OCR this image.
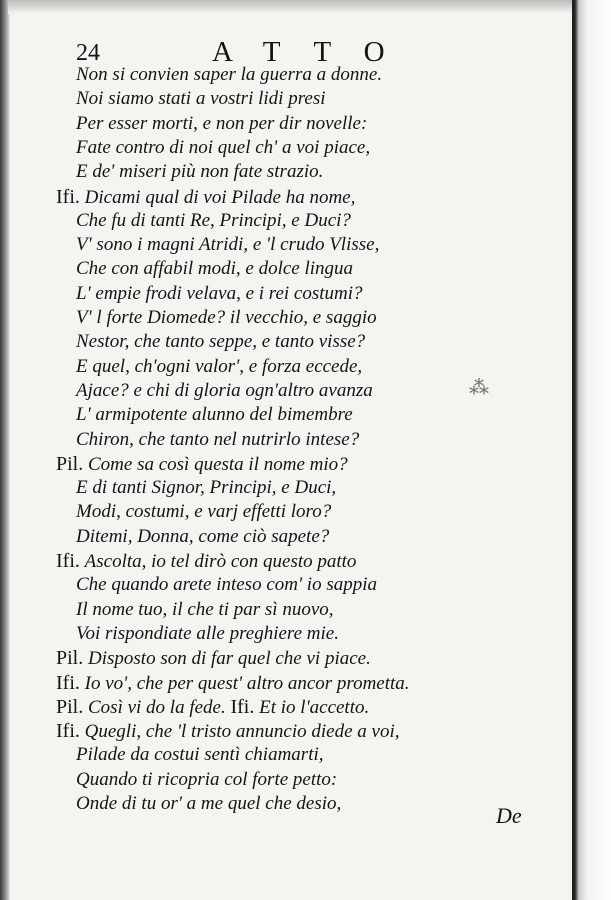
24	ATTO
Non si convien saper la guerra a donne.
Noi siamo stati a vostri lidi presi
Per esser morti, e non per dir novelle:
Fate contro di noi quel ch' a voi piace,
E de' miseri più non fate strazio.
Ifi. Dicami qual di voi Pilade ha nome,
Che fu di tanti Re, Principi, e Duci?
V' sono i magni Atridi, e 'l crudo Vlisse,
Che con affabil modi, e dolce lingua
L' empie frodi velava, e i rei costumi?
V' l forte Diomede? il vecchio, e saggio
Nestor, che tanto seppe, e tanto visse?
E quel, ch'ogni valor', e forza eccede,
Ajace? e chi di gloria ogn'altro avanza
L' armipotente alunno del bimembre
Chiron, che tanto nel nutrirlo intese?
Pil. Come sa così questa il nome mio?
E di tanti Signor, Principi, e Duci,
Modi, costumi, e varj effetti loro?
Ditemi, Donna, come ciò sapete?
Ifi. Ascolta, io tel dirò con questo patto
Che quando arete inteso com' io sappia
Il nome tuo, il che ti par sì nuovo,
Voi rispondiate alle preghiere mie.
Pil. Disposto son di far quel che vi piace.
Ifi. Io vo', che per quest' altro ancor prometta.
Pil. Così vi do la fede. Ifi. Et io l'accetto.
Ifi. Quegli, che 'l tristo annuncio diede a voi,
Pilade da costui sentì chiamarti,
Quando ti ricopria col forte petto:
Onde di tu or' a me quel che desio,
⁂
De
